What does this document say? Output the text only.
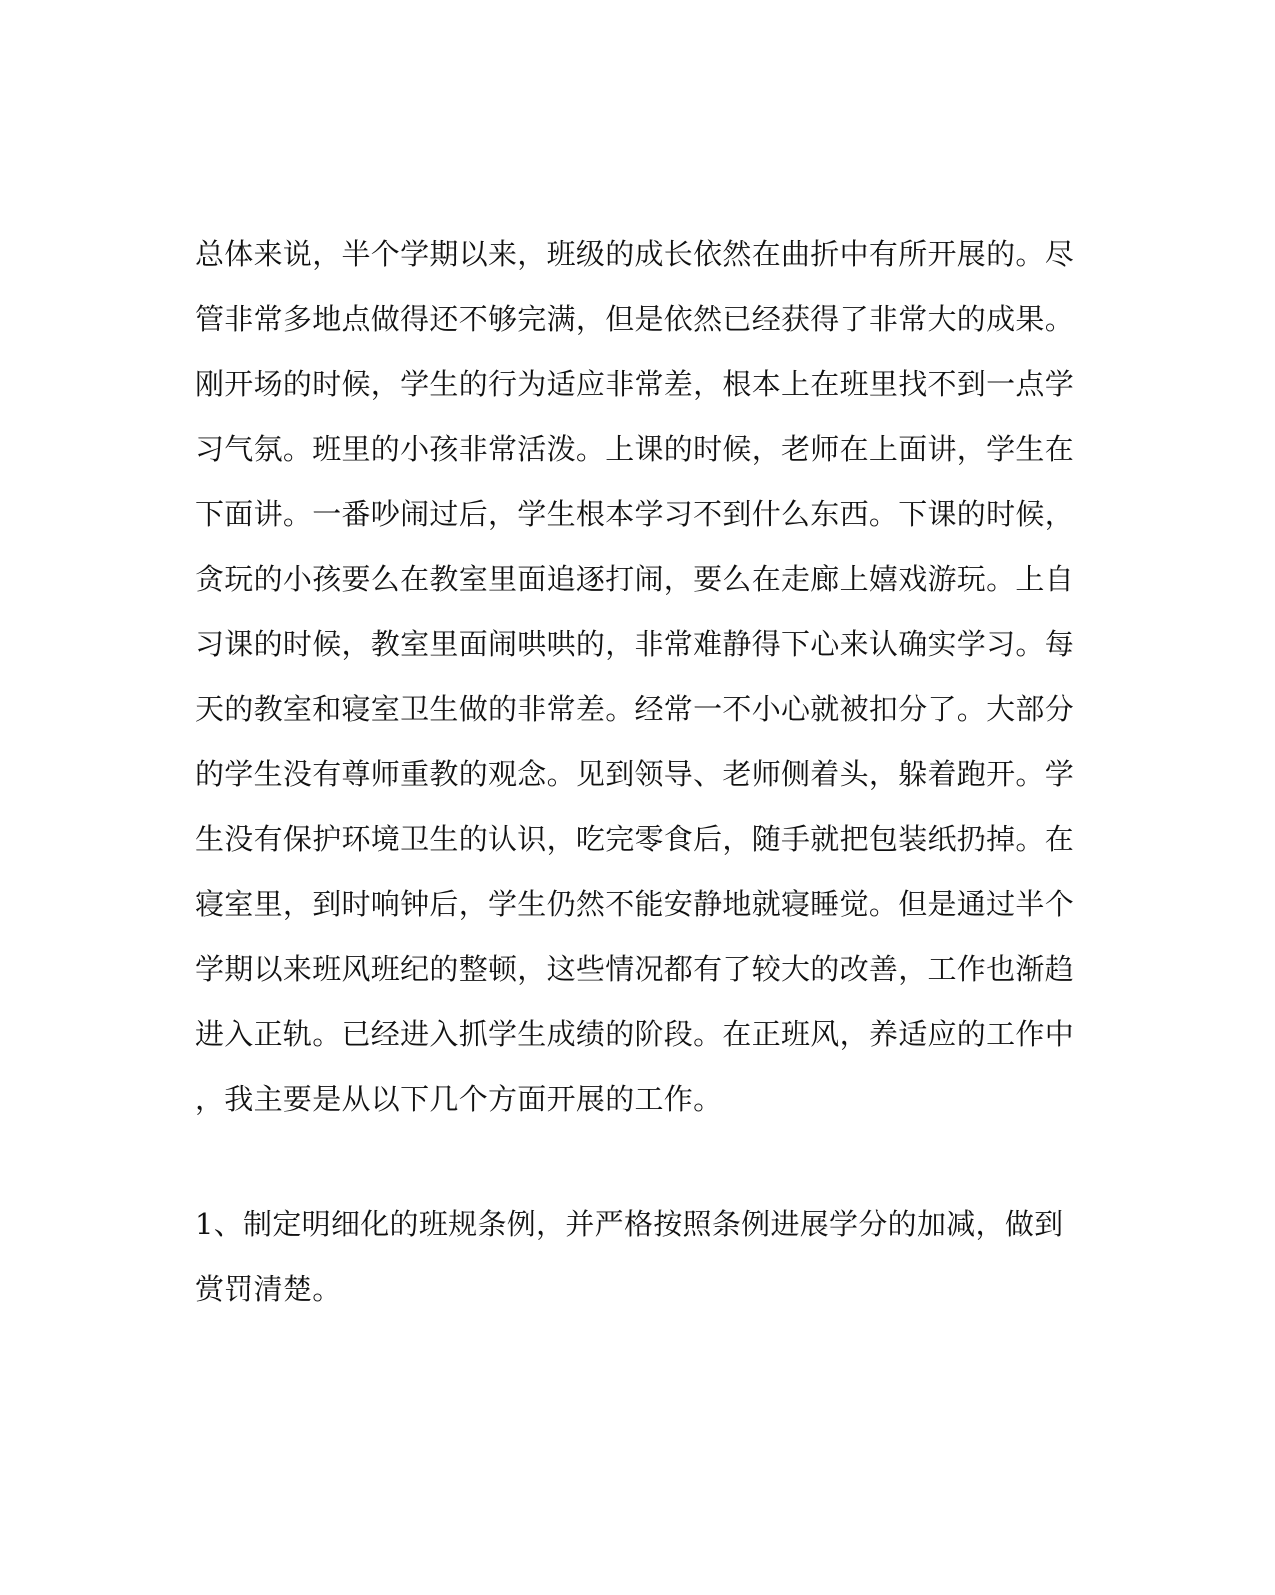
总体来说，半个学期以来，班级的成长依然在曲折中有所开展的。尽
管非常多地点做得还不够完满，但是依然已经获得了非常大的成果。
刚开场的时候，学生的行为适应非常差，根本上在班里找不到一点学
习气氛。班里的小孩非常活泼。上课的时候，老师在上面讲，学生在
下面讲。一番吵闹过后，学生根本学习不到什么东西。下课的时候，
贪玩的小孩要么在教室里面追逐打闹，要么在走廊上嬉戏游玩。上自
习课的时候，教室里面闹哄哄的，非常难静得下心来认确实学习。每
天的教室和寝室卫生做的非常差。经常一不小心就被扣分了。大部分
的学生没有尊师重教的观念。见到领导、老师侧着头，躲着跑开。学
生没有保护环境卫生的认识，吃完零食后，随手就把包装纸扔掉。在
寝室里，到时响钟后，学生仍然不能安静地就寝睡觉。但是通过半个
学期以来班风班纪的整顿，这些情况都有了较大的改善，工作也渐趋
进入正轨。已经进入抓学生成绩的阶段。在正班风，养适应的工作中
，我主要是从以下几个方面开展的工作。
1、制定明细化的班规条例，并严格按照条例进展学分的加减，做到
赏罚清楚。
